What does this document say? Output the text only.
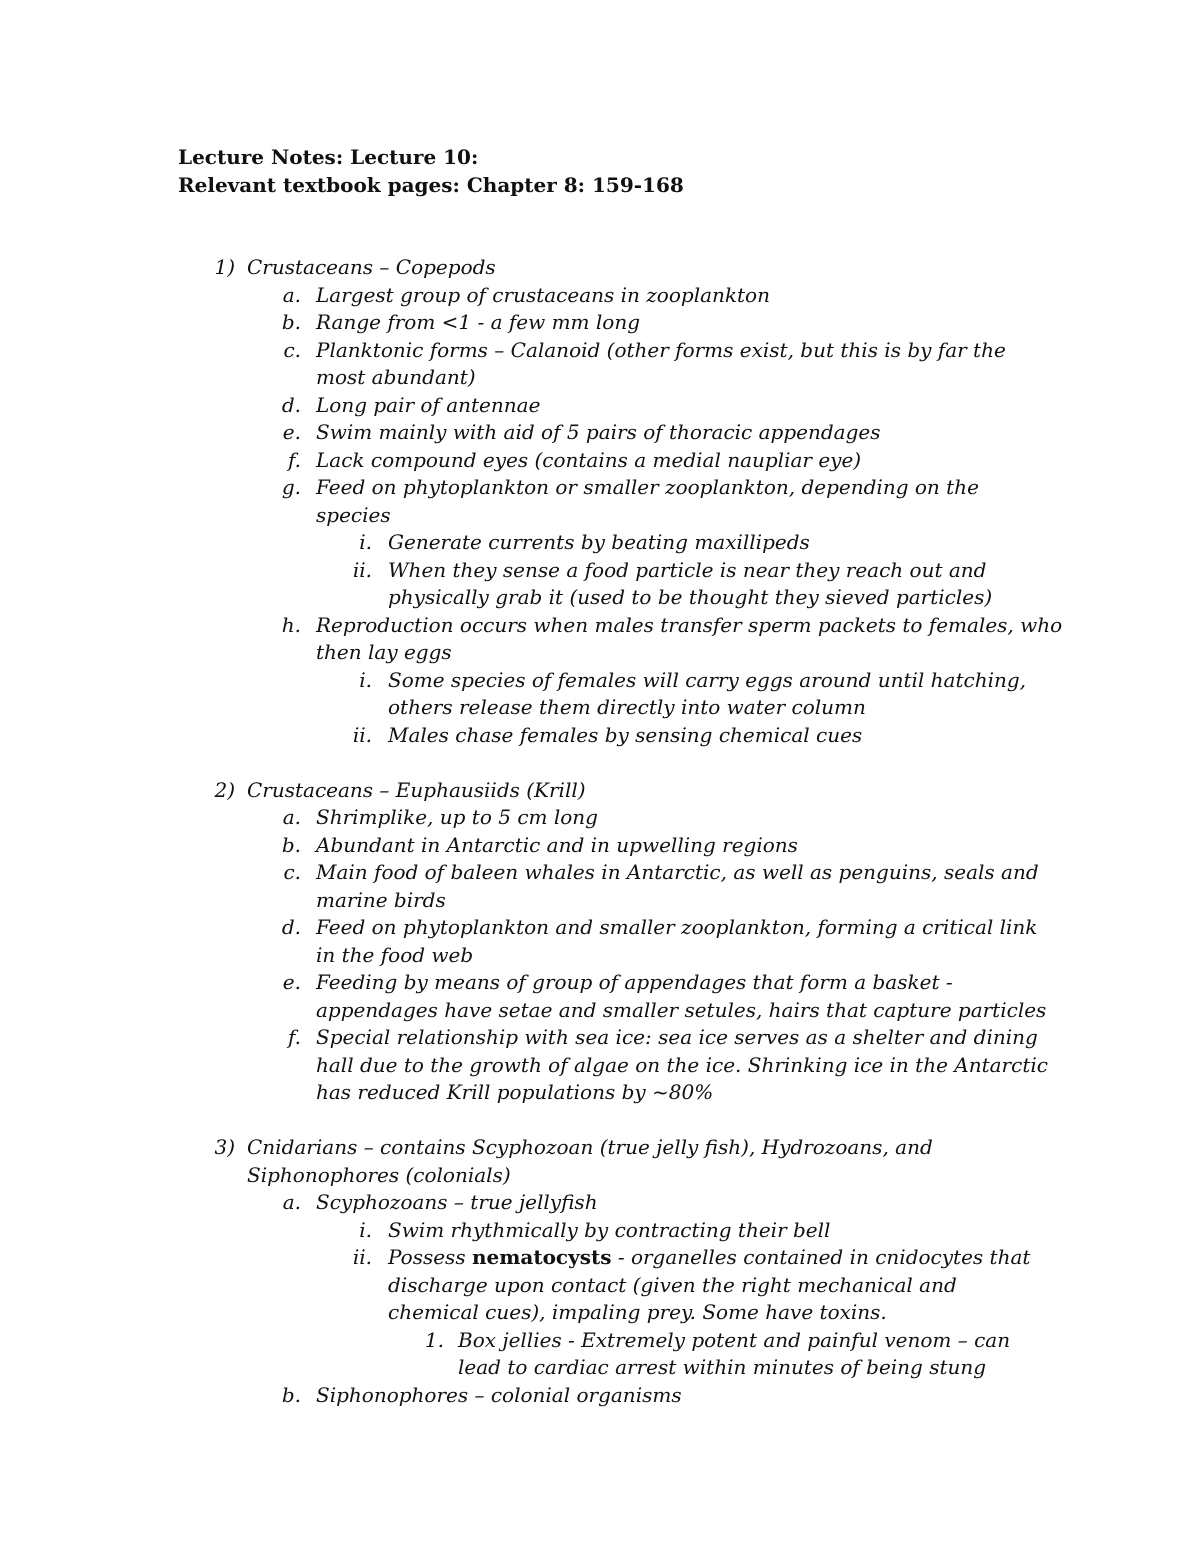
Lecture Notes: Lecture 10:
Relevant textbook pages: Chapter 8: 159-168
1) Crustaceans – Copepods
a. Largest group of crustaceans in zooplankton
b. Range from <1 - a few mm long
c. Planktonic forms – Calanoid (other forms exist, but this is by far the
most abundant)
d. Long pair of antennae
e. Swim mainly with aid of 5 pairs of thoracic appendages
f. Lack compound eyes (contains a medial naupliar eye)
g. Feed on phytoplankton or smaller zooplankton, depending on the
species
i. Generate currents by beating maxillipeds
ii. When they sense a food particle is near they reach out and
physically grab it (used to be thought they sieved particles)
h. Reproduction occurs when males transfer sperm packets to females, who
then lay eggs
i. Some species of females will carry eggs around until hatching,
others release them directly into water column
ii. Males chase females by sensing chemical cues
2) Crustaceans – Euphausiids (Krill)
a. Shrimplike, up to 5 cm long
b. Abundant in Antarctic and in upwelling regions
c. Main food of baleen whales in Antarctic, as well as penguins, seals and
marine birds
d. Feed on phytoplankton and smaller zooplankton, forming a critical link
in the food web
e. Feeding by means of group of appendages that form a basket -
appendages have setae and smaller setules, hairs that capture particles
f. Special relationship with sea ice: sea ice serves as a shelter and dining
hall due to the growth of algae on the ice. Shrinking ice in the Antarctic
has reduced Krill populations by ~80%
3) Cnidarians – contains Scyphozoan (true jelly fish), Hydrozoans, and
Siphonophores (colonials)
a. Scyphozoans – true jellyfish
i. Swim rhythmically by contracting their bell
ii. Possess nematocysts - organelles contained in cnidocytes that
discharge upon contact (given the right mechanical and
chemical cues), impaling prey. Some have toxins.
1. Box jellies - Extremely potent and painful venom – can
lead to cardiac arrest within minutes of being stung
b. Siphonophores – colonial organisms
